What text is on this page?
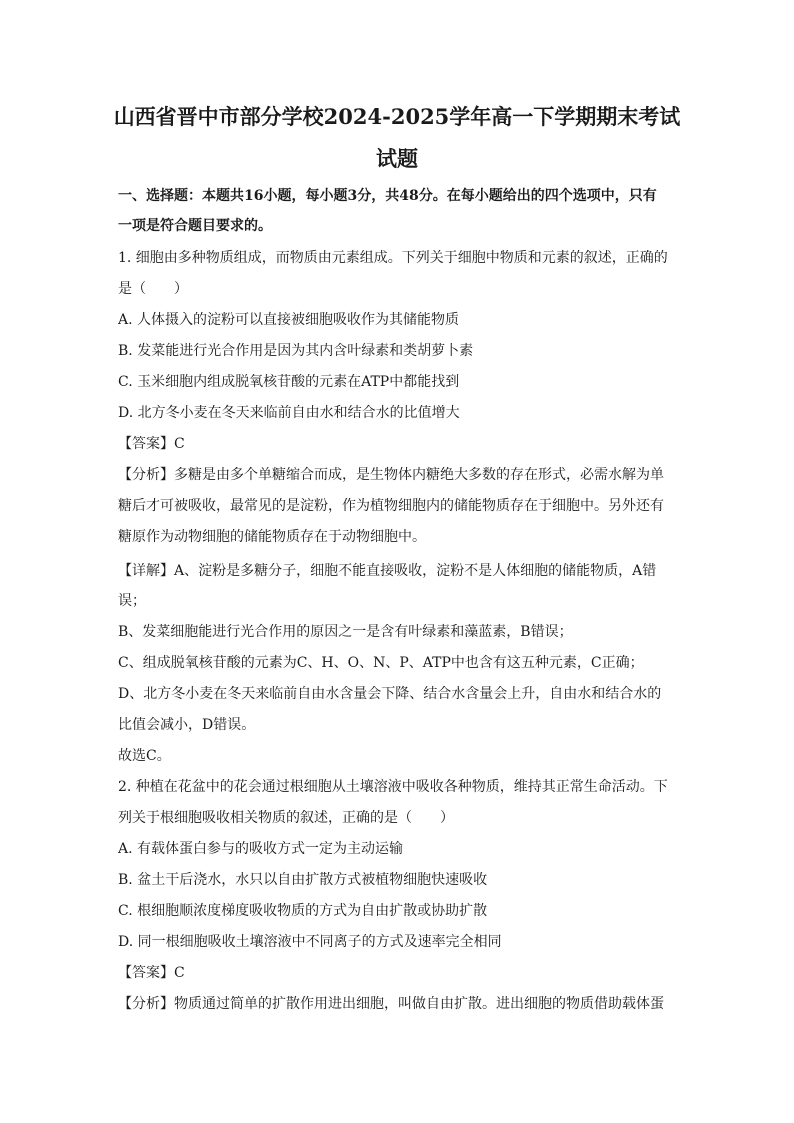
山西省晋中市部分学校2024-2025学年高一下学期期末考试
试题
一、选择题：本题共16小题，每小题3分，共48分。在每小题给出的四个选项中，只有
一项是符合题目要求的。
1. 细胞由多种物质组成，而物质由元素组成。下列关于细胞中物质和元素的叙述，正确的
是（　　）
A. 人体摄入的淀粉可以直接被细胞吸收作为其储能物质
B. 发菜能进行光合作用是因为其内含叶绿素和类胡萝卜素
C. 玉米细胞内组成脱氧核苷酸的元素在ATP中都能找到
D. 北方冬小麦在冬天来临前自由水和结合水的比值增大
【答案】C
【分析】多糖是由多个单糖缩合而成，是生物体内糖绝大多数的存在形式，必需水解为单
糖后才可被吸收，最常见的是淀粉，作为植物细胞内的储能物质存在于细胞中。另外还有
糖原作为动物细胞的储能物质存在于动物细胞中。
【详解】A、淀粉是多糖分子，细胞不能直接吸收，淀粉不是人体细胞的储能物质，A错
误；
B、发菜细胞能进行光合作用的原因之一是含有叶绿素和藻蓝素，B错误；
C、组成脱氧核苷酸的元素为C、H、O、N、P、ATP中也含有这五种元素，C正确；
D、北方冬小麦在冬天来临前自由水含量会下降、结合水含量会上升，自由水和结合水的
比值会减小，D错误。
故选C。
2. 种植在花盆中的花会通过根细胞从土壤溶液中吸收各种物质，维持其正常生命活动。下
列关于根细胞吸收相关物质的叙述，正确的是（　　）
A. 有载体蛋白参与的吸收方式一定为主动运输
B. 盆土干后浇水，水只以自由扩散方式被植物细胞快速吸收
C. 根细胞顺浓度梯度吸收物质的方式为自由扩散或协助扩散
D. 同一根细胞吸收土壤溶液中不同离子的方式及速率完全相同
【答案】C
【分析】物质通过简单的扩散作用进出细胞，叫做自由扩散。进出细胞的物质借助载体蛋
